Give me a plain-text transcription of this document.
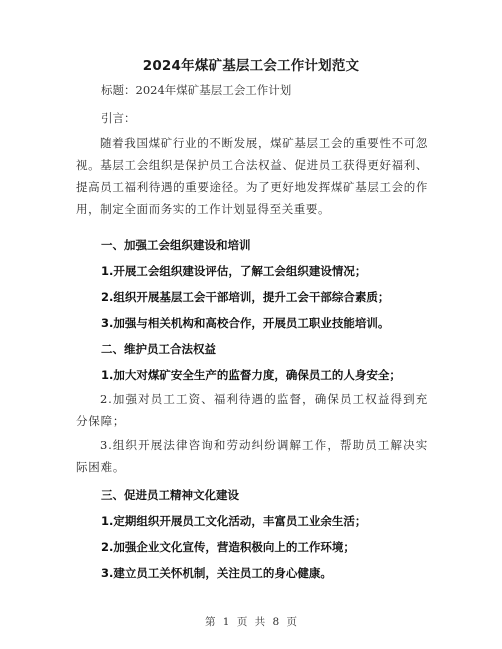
2024年煤矿基层工会工作计划范文
标题：2024年煤矿基层工会工作计划
引言：
随着我国煤矿行业的不断发展，煤矿基层工会的重要性不可忽视。基层工会组织是保护员工合法权益、促进员工获得更好福利、提高员工福利待遇的重要途径。为了更好地发挥煤矿基层工会的作用，制定全面而务实的工作计划显得至关重要。
一、加强工会组织建设和培训
1.开展工会组织建设评估，了解工会组织建设情况；
2.组织开展基层工会干部培训，提升工会干部综合素质；
3.加强与相关机构和高校合作，开展员工职业技能培训。
二、维护员工合法权益
1.加大对煤矿安全生产的监督力度，确保员工的人身安全；
2.加强对员工工资、福利待遇的监督，确保员工权益得到充分保障；
3.组织开展法律咨询和劳动纠纷调解工作，帮助员工解决实际困难。
三、促进员工精神文化建设
1.定期组织开展员工文化活动，丰富员工业余生活；
2.加强企业文化宣传，营造积极向上的工作环境；
3.建立员工关怀机制，关注员工的身心健康。
第 1 页 共 8 页
